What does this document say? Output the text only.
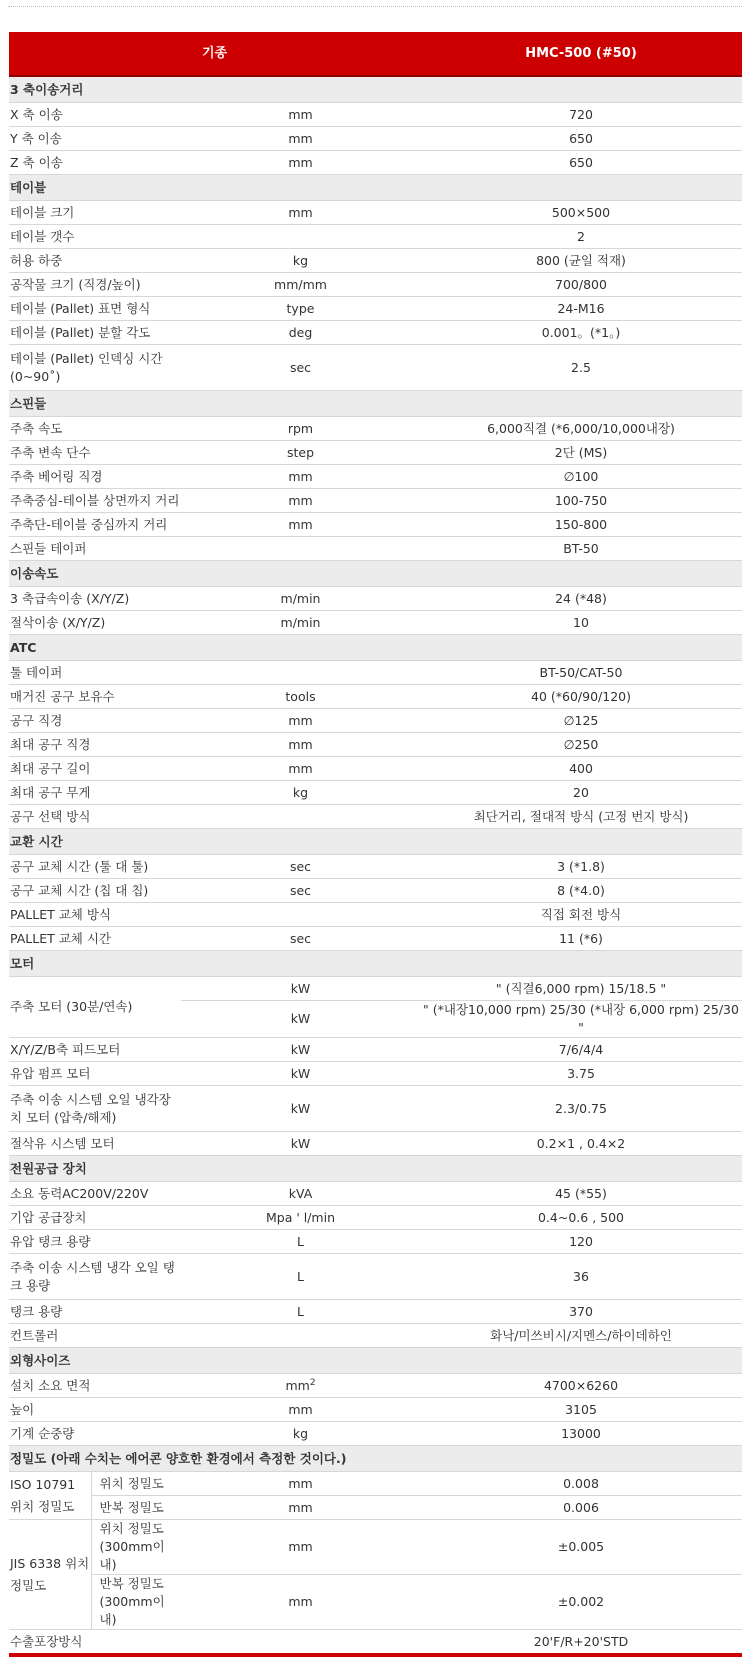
기종		HMC-500 (#50)
3 축이송거리		
X 축 이송	mm	720
Y 축 이송	mm	650
Z 축 이송	mm	650
테이블		
테이블 크기	mm	500×500
테이블 갯수		2
허용 하중	kg	800 (균일 적재)
공작물 크기 (직경/높이)	mm/mm	700/800
테이블 (Pallet) 표면 형식	type	24-M16
테이블 (Pallet) 분할 각도	deg	0.001。(*1。)
테이블 (Pallet) 인덱싱 시간 (0~90˚)	sec	2.5
스핀들		
주축 속도	rpm	6,000직결 (*6,000/10,000내장)
주축 변속 단수	step	2단 (MS)
주축 베어링 직경	mm	∅100
주축중심-테이블 상면까지 거리	mm	100-750
주축단-테이블 중심까지 거리	mm	150-800
스핀들 테이퍼		BT-50
이송속도		
3 축급속이송 (X/Y/Z)	m/min	24 (*48)
절삭이송 (X/Y/Z)	m/min	10
ATC		
툴 테이퍼		BT-50/CAT-50
매거진 공구 보유수	tools	40 (*60/90/120)
공구 직경	mm	∅125
최대 공구 직경	mm	∅250
최대 공구 길이	mm	400
최대 공구 무게	kg	20
공구 선택 방식		최단거리, 절대적 방식 (고정 번지 방식)
교환 시간		
공구 교체 시간 (툴 대 툴)	sec	3 (*1.8)
공구 교체 시간 (칩 대 칩)	sec	8 (*4.0)
PALLET 교체 방식		직접 회전 방식
PALLET 교체 시간	sec	11 (*6)
모터		
주축 모터 (30분/연속)	kW	" (직결6,000 rpm) 15/18.5 "
	kW	" (*내장10,000 rpm) 25/30 (*내장 6,000 rpm) 25/30 "
X/Y/Z/B축 피드모터	kW	7/6/4/4
유압 펌프 모터	kW	3.75
주축 이송 시스템 오일 냉각장치 모터 (압축/해제)	kW	2.3/0.75
절삭유 시스템 모터	kW	0.2×1 , 0.4×2
전원공급 장치		
소요 동력AC200V/220V	kVA	45 (*55)
기압 공급장치	Mpa ' l/min	0.4~0.6 , 500
유압 탱크 용량	L	120
주축 이송 시스템 냉각 오일 탱크 용량	L	36
탱크 용량	L	370
컨트롤러		화낙/미쓰비시/지멘스/하이데하인
외형사이즈		
설치 소요 면적	$mm^2$	4700×6260
높이	mm	3105
기계 순중량	kg	13000
정밀도 (아래 수치는 에어콘 양호한 환경에서 측정한 것이다.)		
ISO 10791 위치 정밀도	위치 정밀도	mm	0.008
	반복 정밀도	mm	0.006
JIS 6338 위치 정밀도	위치 정밀도 (300mm이내)	mm	±0.005
	반복 정밀도 (300mm이내)	mm	±0.002
수출포장방식			20'F/R+20'STD
